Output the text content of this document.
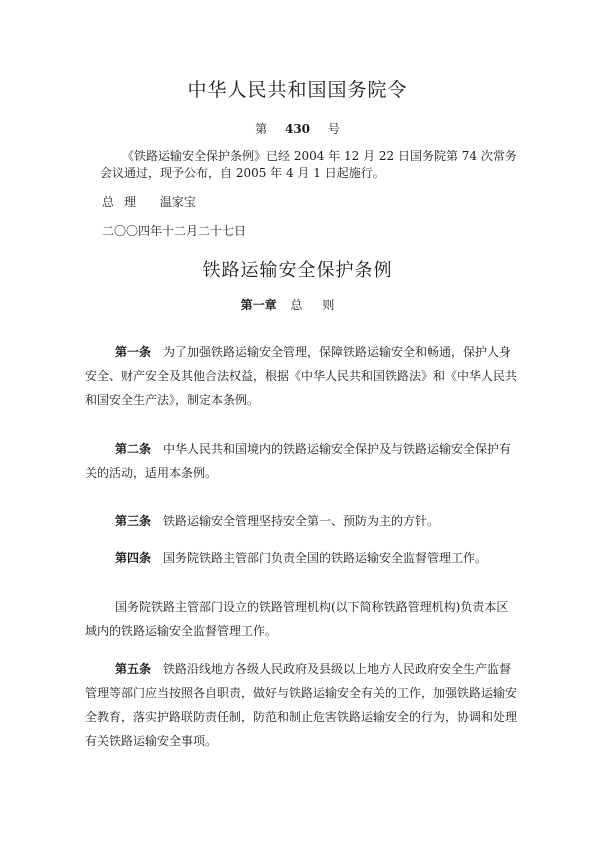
中华人民共和国国务院令
第 430 号
《铁路运输安全保护条例》已经 2004 年 12 月 22 日国务院第 74 次常务会议通过，现予公布，自 2005 年 4 月 1 日起施行。
总理 温家宝
二〇〇四年十二月二十七日
铁路运输安全保护条例
第一章 总则
第一条 为了加强铁路运输安全管理，保障铁路运输安全和畅通，保护人身安全、财产安全及其他合法权益，根据《中华人民共和国铁路法》和《中华人民共和国安全生产法》，制定本条例。
第二条 中华人民共和国境内的铁路运输安全保护及与铁路运输安全保护有关的活动，适用本条例。
第三条 铁路运输安全管理坚持安全第一、预防为主的方针。
第四条 国务院铁路主管部门负责全国的铁路运输安全监督管理工作。
国务院铁路主管部门设立的铁路管理机构(以下简称铁路管理机构)负责本区域内的铁路运输安全监督管理工作。
第五条 铁路沿线地方各级人民政府及县级以上地方人民政府安全生产监督管理等部门应当按照各自职责，做好与铁路运输安全有关的工作，加强铁路运输安全教育，落实护路联防责任制，防范和制止危害铁路运输安全的行为，协调和处理有关铁路运输安全事项。
